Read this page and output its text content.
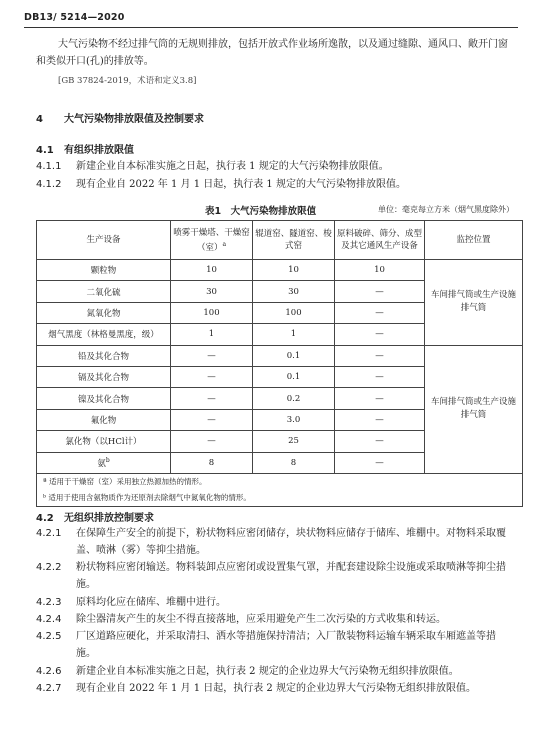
DB13/ 5214—2020
大气污染物不经过排气筒的无规则排放，包括开放式作业场所逸散，以及通过缝隙、通风口、敞开门窗和类似开口(孔)的排放等。
[GB 37824-2019，术语和定义3.8]
4 大气污染物排放限值及控制要求
4.1 有组织排放限值
4.1.1	新建企业自本标准实施之日起，执行表 1 规定的大气污染物排放限值。
4.1.2	现有企业自 2022 年 1 月 1 日起，执行表 1 规定的大气污染物排放限值。
表1　大气污染物排放限值	单位：毫克每立方米（烟气黑度除外）
生产设备	喷雾干燥塔、干燥窑（室）$^a$	辊道窑、隧道窑、梭式窑	原料破碎、筛分、成型及其它通风生产设备	监控位置
颗粒物	10	10	10	车间排气筒或生产设施排气筒
二氧化硫	30	30	—	
氮氧化物	100	100	—	
烟气黑度（林格曼黑度，级）	1	1	—	
铅及其化合物	—	0.1	—	车间排气筒或生产设施排气筒
镉及其化合物	—	0.1	—	
镍及其化合物	—	0.2	—	
氟化物	—	3.0	—	
氯化物（以HCl计）	—	25	—	
氨$^b$	8	8	—	
ª 适用于干燥窑（室）采用独立热源加热的情形。				
ᵇ 适用于使用含氨物质作为还原剂去除烟气中氮氧化物的情形。				
4.2 无组织排放控制要求
4.2.1	在保障生产安全的前提下，粉状物料应密闭储存，块状物料应储存于储库、堆棚中。对物料采取覆盖、喷淋（雾）等抑尘措施。
4.2.2	粉状物料应密闭输送。物料装卸点应密闭或设置集气罩，并配套建设除尘设施或采取喷淋等抑尘措施。
4.2.3	原料均化应在储库、堆棚中进行。
4.2.4	除尘器清灰产生的灰尘不得直接落地，应采用避免产生二次污染的方式收集和转运。
4.2.5	厂区道路应硬化，并采取清扫、洒水等措施保持清洁；入厂散装物料运输车辆采取车厢遮盖等措施。
4.2.6	新建企业自本标准实施之日起，执行表 2 规定的企业边界大气污染物无组织排放限值。
4.2.7	现有企业自 2022 年 1 月 1 日起，执行表 2 规定的企业边界大气污染物无组织排放限值。
